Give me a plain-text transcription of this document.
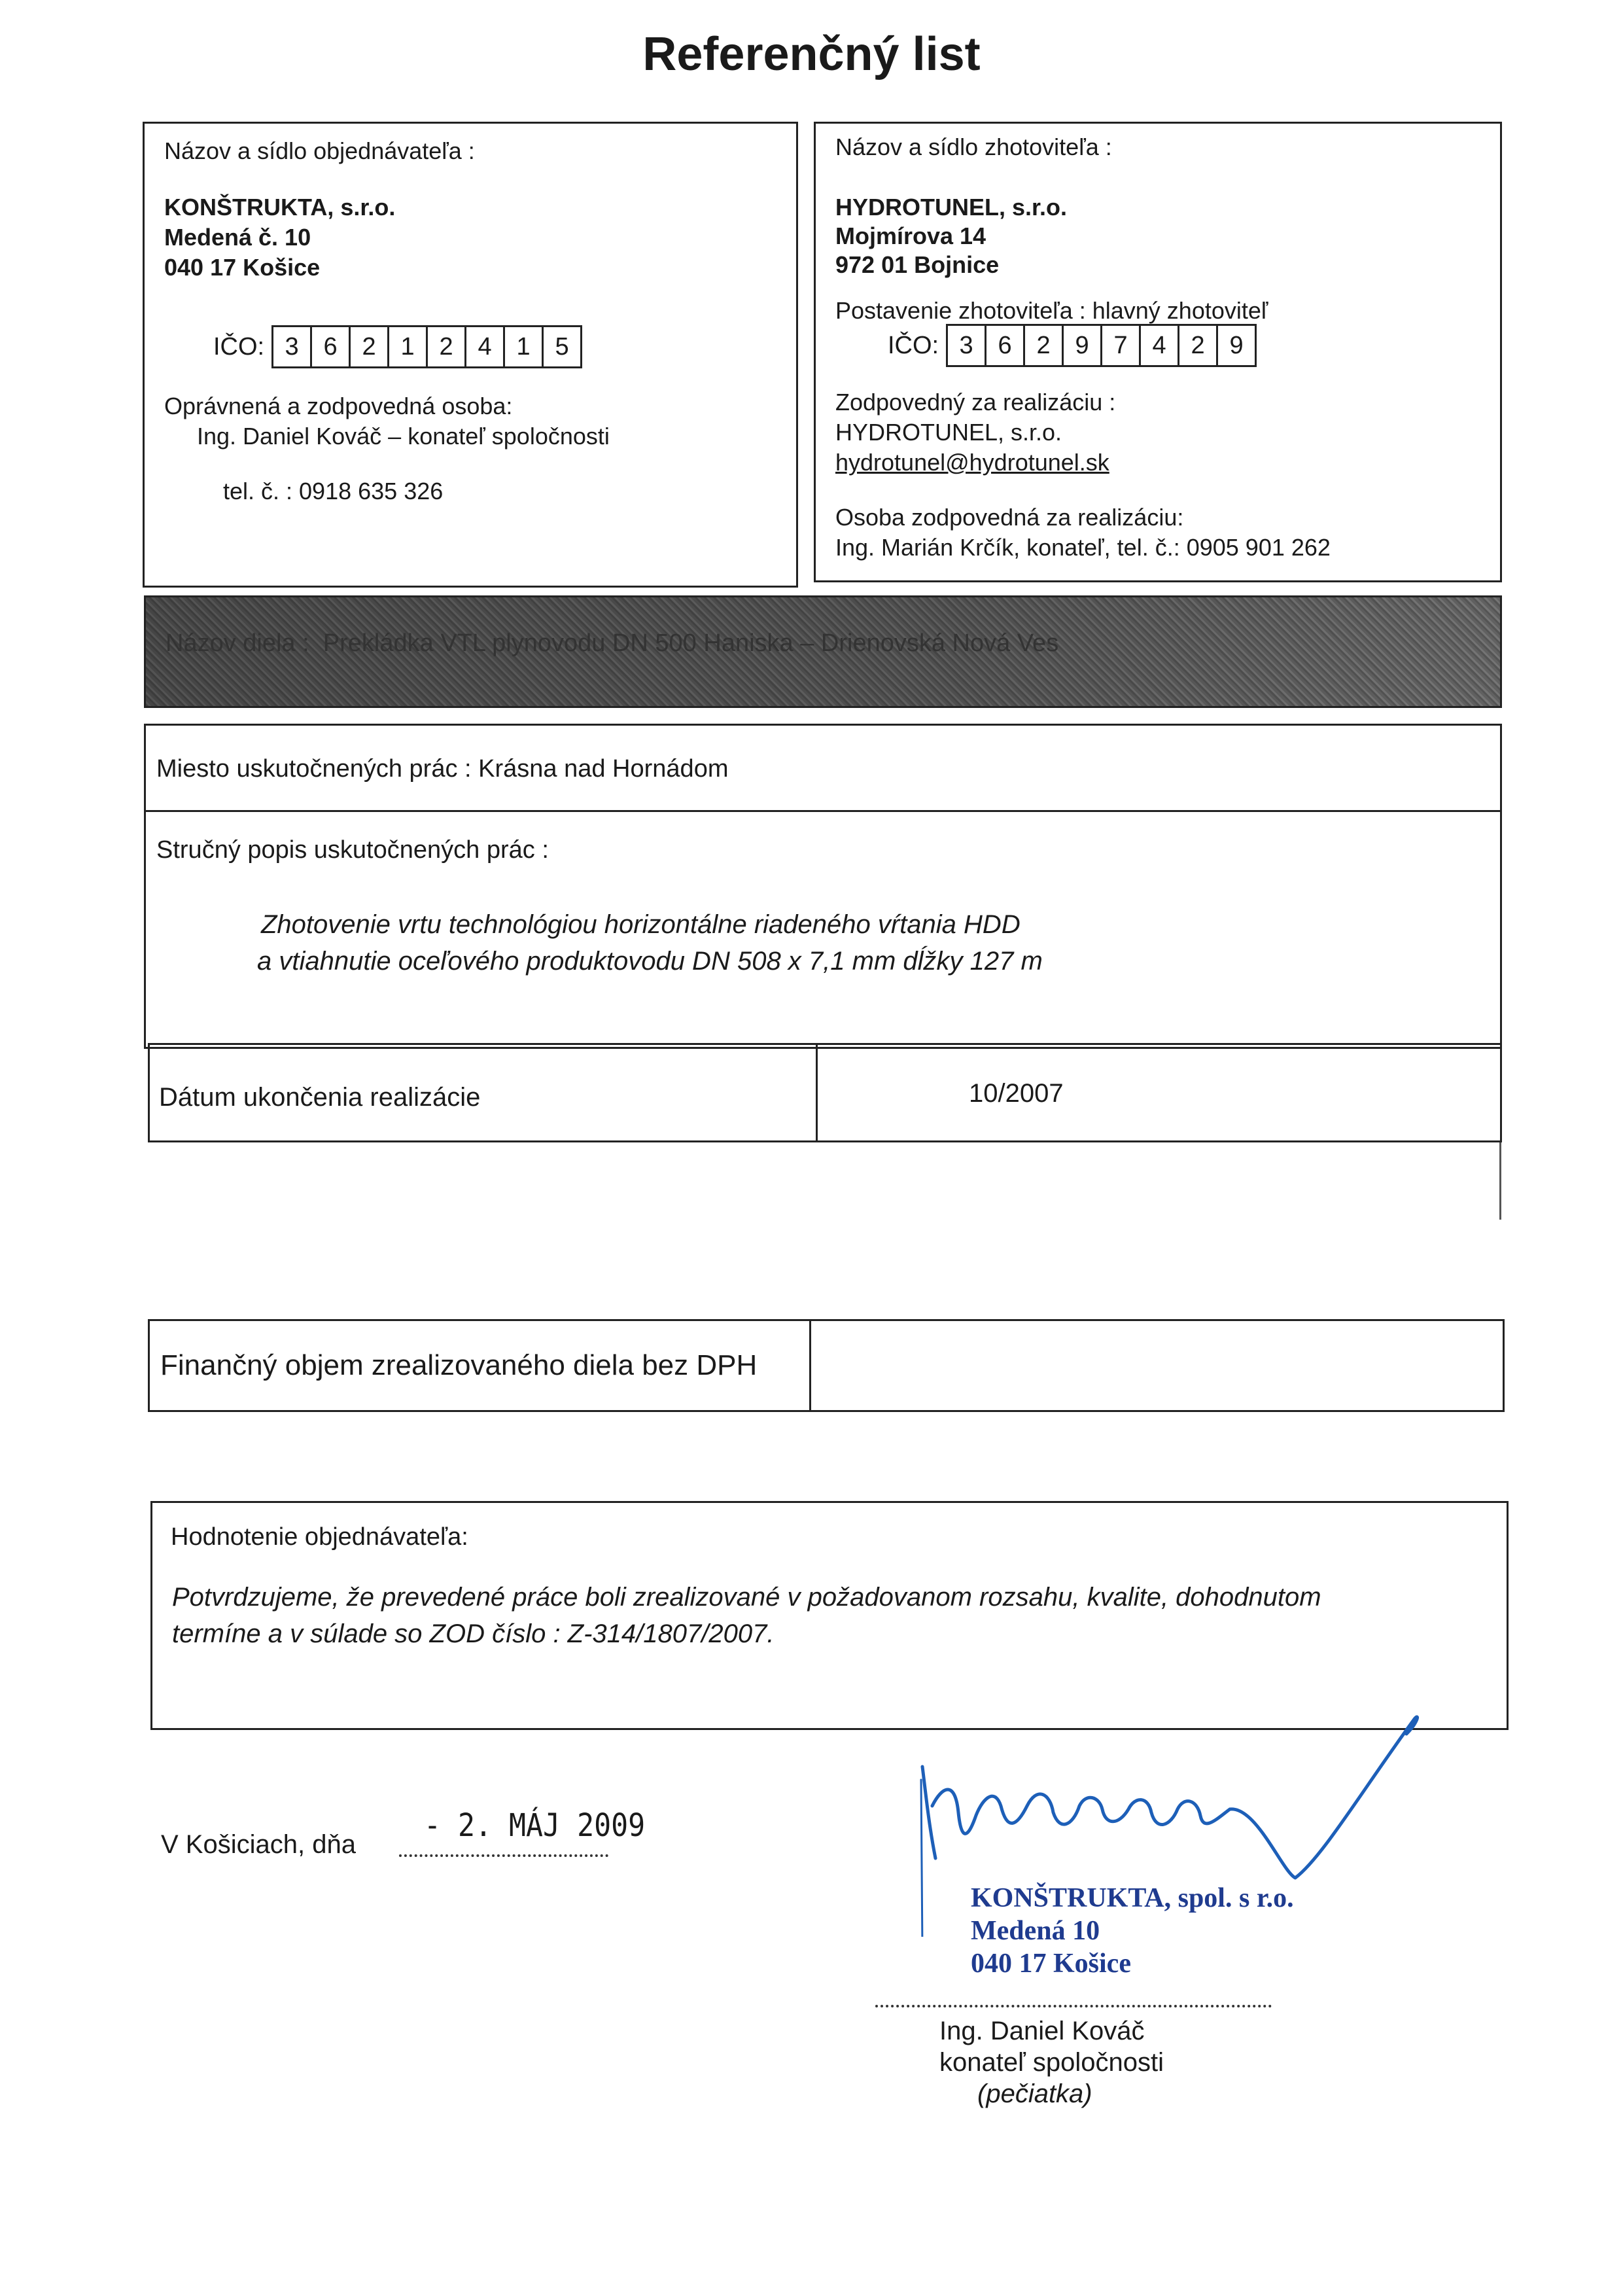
Referenčný list
Názov a sídlo objednávateľa :
KONŠTRUKTA, s.r.o.
Medená č. 10
040 17 Košice
IČO: 3 6 2 1 2 4 1 5
Oprávnená a zodpovedná osoba:
Ing. Daniel Kováč – konateľ spoločnosti
tel. č. : 0918 635 326
Názov a sídlo zhotoviteľa :
HYDROTUNEL, s.r.o.
Mojmírova 14
972 01 Bojnice
Postavenie zhotoviteľa : hlavný zhotoviteľ
IČO: 3 6 2 9 7 4 2 9
Zodpovedný za realizáciu :
HYDROTUNEL, s.r.o.
hydrotunel@hydrotunel.sk
Osoba zodpovedná za realizáciu:
Ing. Marián Krčík, konateľ, tel. č.: 0905 901 262
Názov diela : Prekládka VTL plynovodu DN 500 Haniska – Drienovská Nová Ves
Miesto uskutočnených prác : Krásna nad Hornádom
Stručný popis uskutočnených prác :
Zhotovenie vrtu technológiou horizontálne riadeného vŕtania HDD
a vtiahnutie oceľového produktovodu DN 508 x 7,1 mm dĺžky 127 m
Dátum ukončenia realizácie	10/2007
Finančný objem zrealizovaného diela bez DPH
Hodnotenie objednávateľa:
Potvrdzujeme, že prevedené práce boli zrealizované v požadovanom rozsahu, kvalite, dohodnutom
termíne a v súlade so ZOD číslo : Z-314/1807/2007.
V Košiciach, dňa
- 2. MÁJ 2009
KONŠTRUKTA, spol. s r.o.
Medená 10
040 17 Košice
Ing. Daniel Kováč
konateľ spoločnosti
(pečiatka)
